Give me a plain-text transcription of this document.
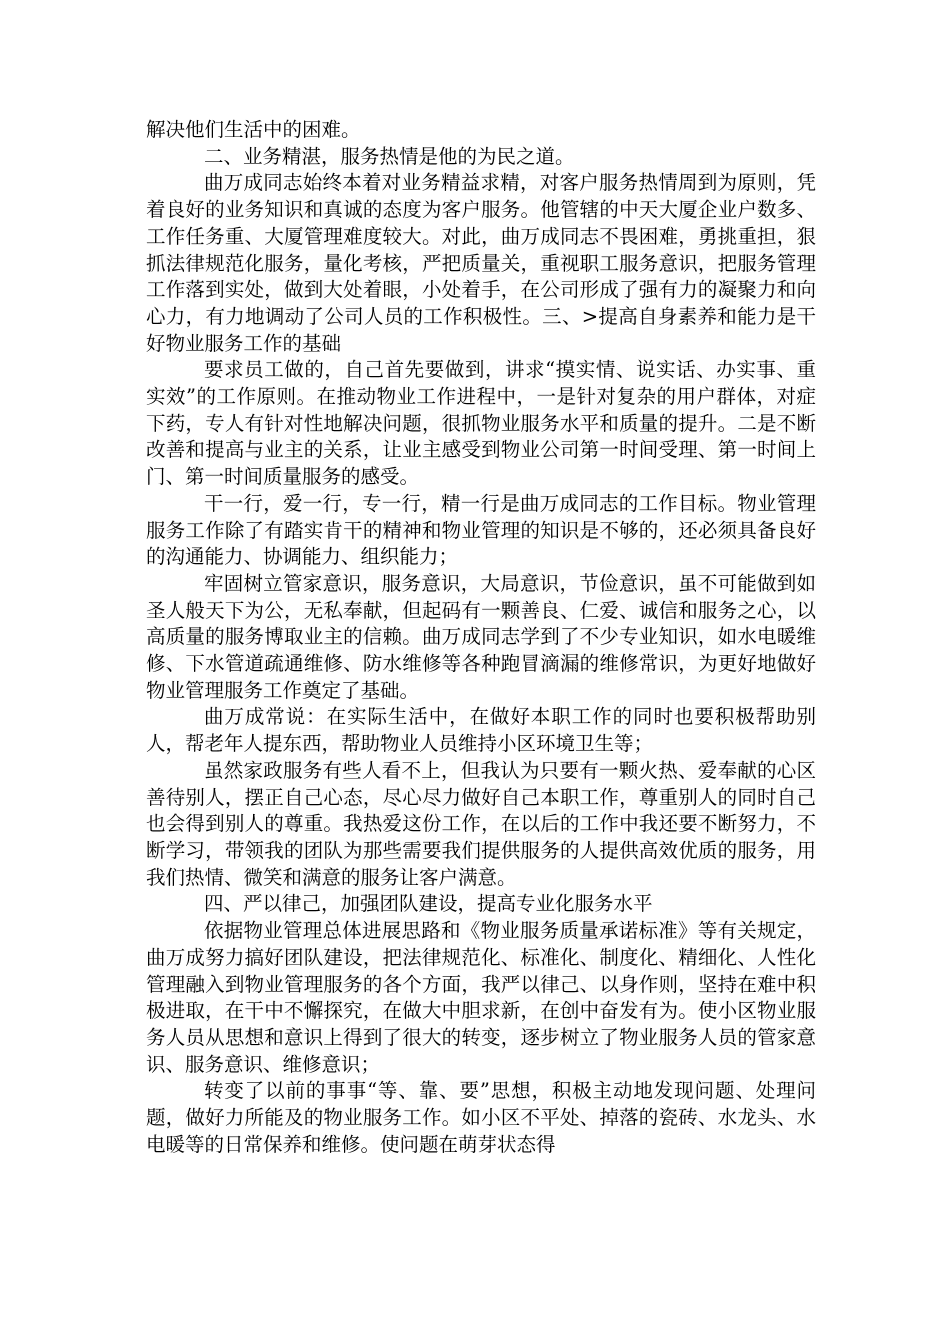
解决他们生活中的困难。

二、业务精湛，服务热情是他的为民之道。

曲万成同志始终本着对业务精益求精，对客户服务热情周到为原则，凭着良好的业务知识和真诚的态度为客户服务。他管辖的中天大厦企业户数多、工作任务重、大厦管理难度较大。对此，曲万成同志不畏困难，勇挑重担，狠抓法律规范化服务，量化考核，严把质量关，重视职工服务意识，把服务管理工作落到实处，做到大处着眼，小处着手，在公司形成了强有力的凝聚力和向心力，有力地调动了公司人员的工作积极性。三、>提高自身素养和能力是干好物业服务工作的基础

要求员工做的，自己首先要做到，讲求“摸实情、说实话、办实事、重实效”的工作原则。在推动物业工作进程中，一是针对复杂的用户群体，对症下药，专人有针对性地解决问题，很抓物业服务水平和质量的提升。二是不断改善和提高与业主的关系，让业主感受到物业公司第一时间受理、第一时间上门、第一时间质量服务的感受。

干一行，爱一行，专一行，精一行是曲万成同志的工作目标。物业管理服务工作除了有踏实肯干的精神和物业管理的知识是不够的，还必须具备良好的沟通能力、协调能力、组织能力；

牢固树立管家意识，服务意识，大局意识，节俭意识，虽不可能做到如圣人般天下为公，无私奉献，但起码有一颗善良、仁爱、诚信和服务之心，以高质量的服务博取业主的信赖。曲万成同志学到了不少专业知识，如水电暖维修、下水管道疏通维修、防水维修等各种跑冒滴漏的维修常识，为更好地做好物业管理服务工作奠定了基础。

曲万成常说：在实际生活中，在做好本职工作的同时也要积极帮助别人，帮老年人提东西，帮助物业人员维持小区环境卫生等；

虽然家政服务有些人看不上，但我认为只要有一颗火热、爱奉献的心区善待别人，摆正自己心态，尽心尽力做好自己本职工作，尊重别人的同时自己也会得到别人的尊重。我热爱这份工作，在以后的工作中我还要不断努力，不断学习，带领我的团队为那些需要我们提供服务的人提供高效优质的服务，用我们热情、微笑和满意的服务让客户满意。

四、严以律己，加强团队建设，提高专业化服务水平

依据物业管理总体进展思路和《物业服务质量承诺标准》等有关规定，曲万成努力搞好团队建设，把法律规范化、标准化、制度化、精细化、人性化管理融入到物业管理服务的各个方面，我严以律己、以身作则，坚持在难中积极进取，在干中不懈探究，在做大中胆求新，在创中奋发有为。使小区物业服务人员从思想和意识上得到了很大的转变，逐步树立了物业服务人员的管家意识、服务意识、维修意识；

转变了以前的事事“等、靠、要”思想，积极主动地发现问题、处理问题，做好力所能及的物业服务工作。如小区不平处、掉落的瓷砖、水龙头、水电暖等的日常保养和维修。使问题在萌芽状态得
